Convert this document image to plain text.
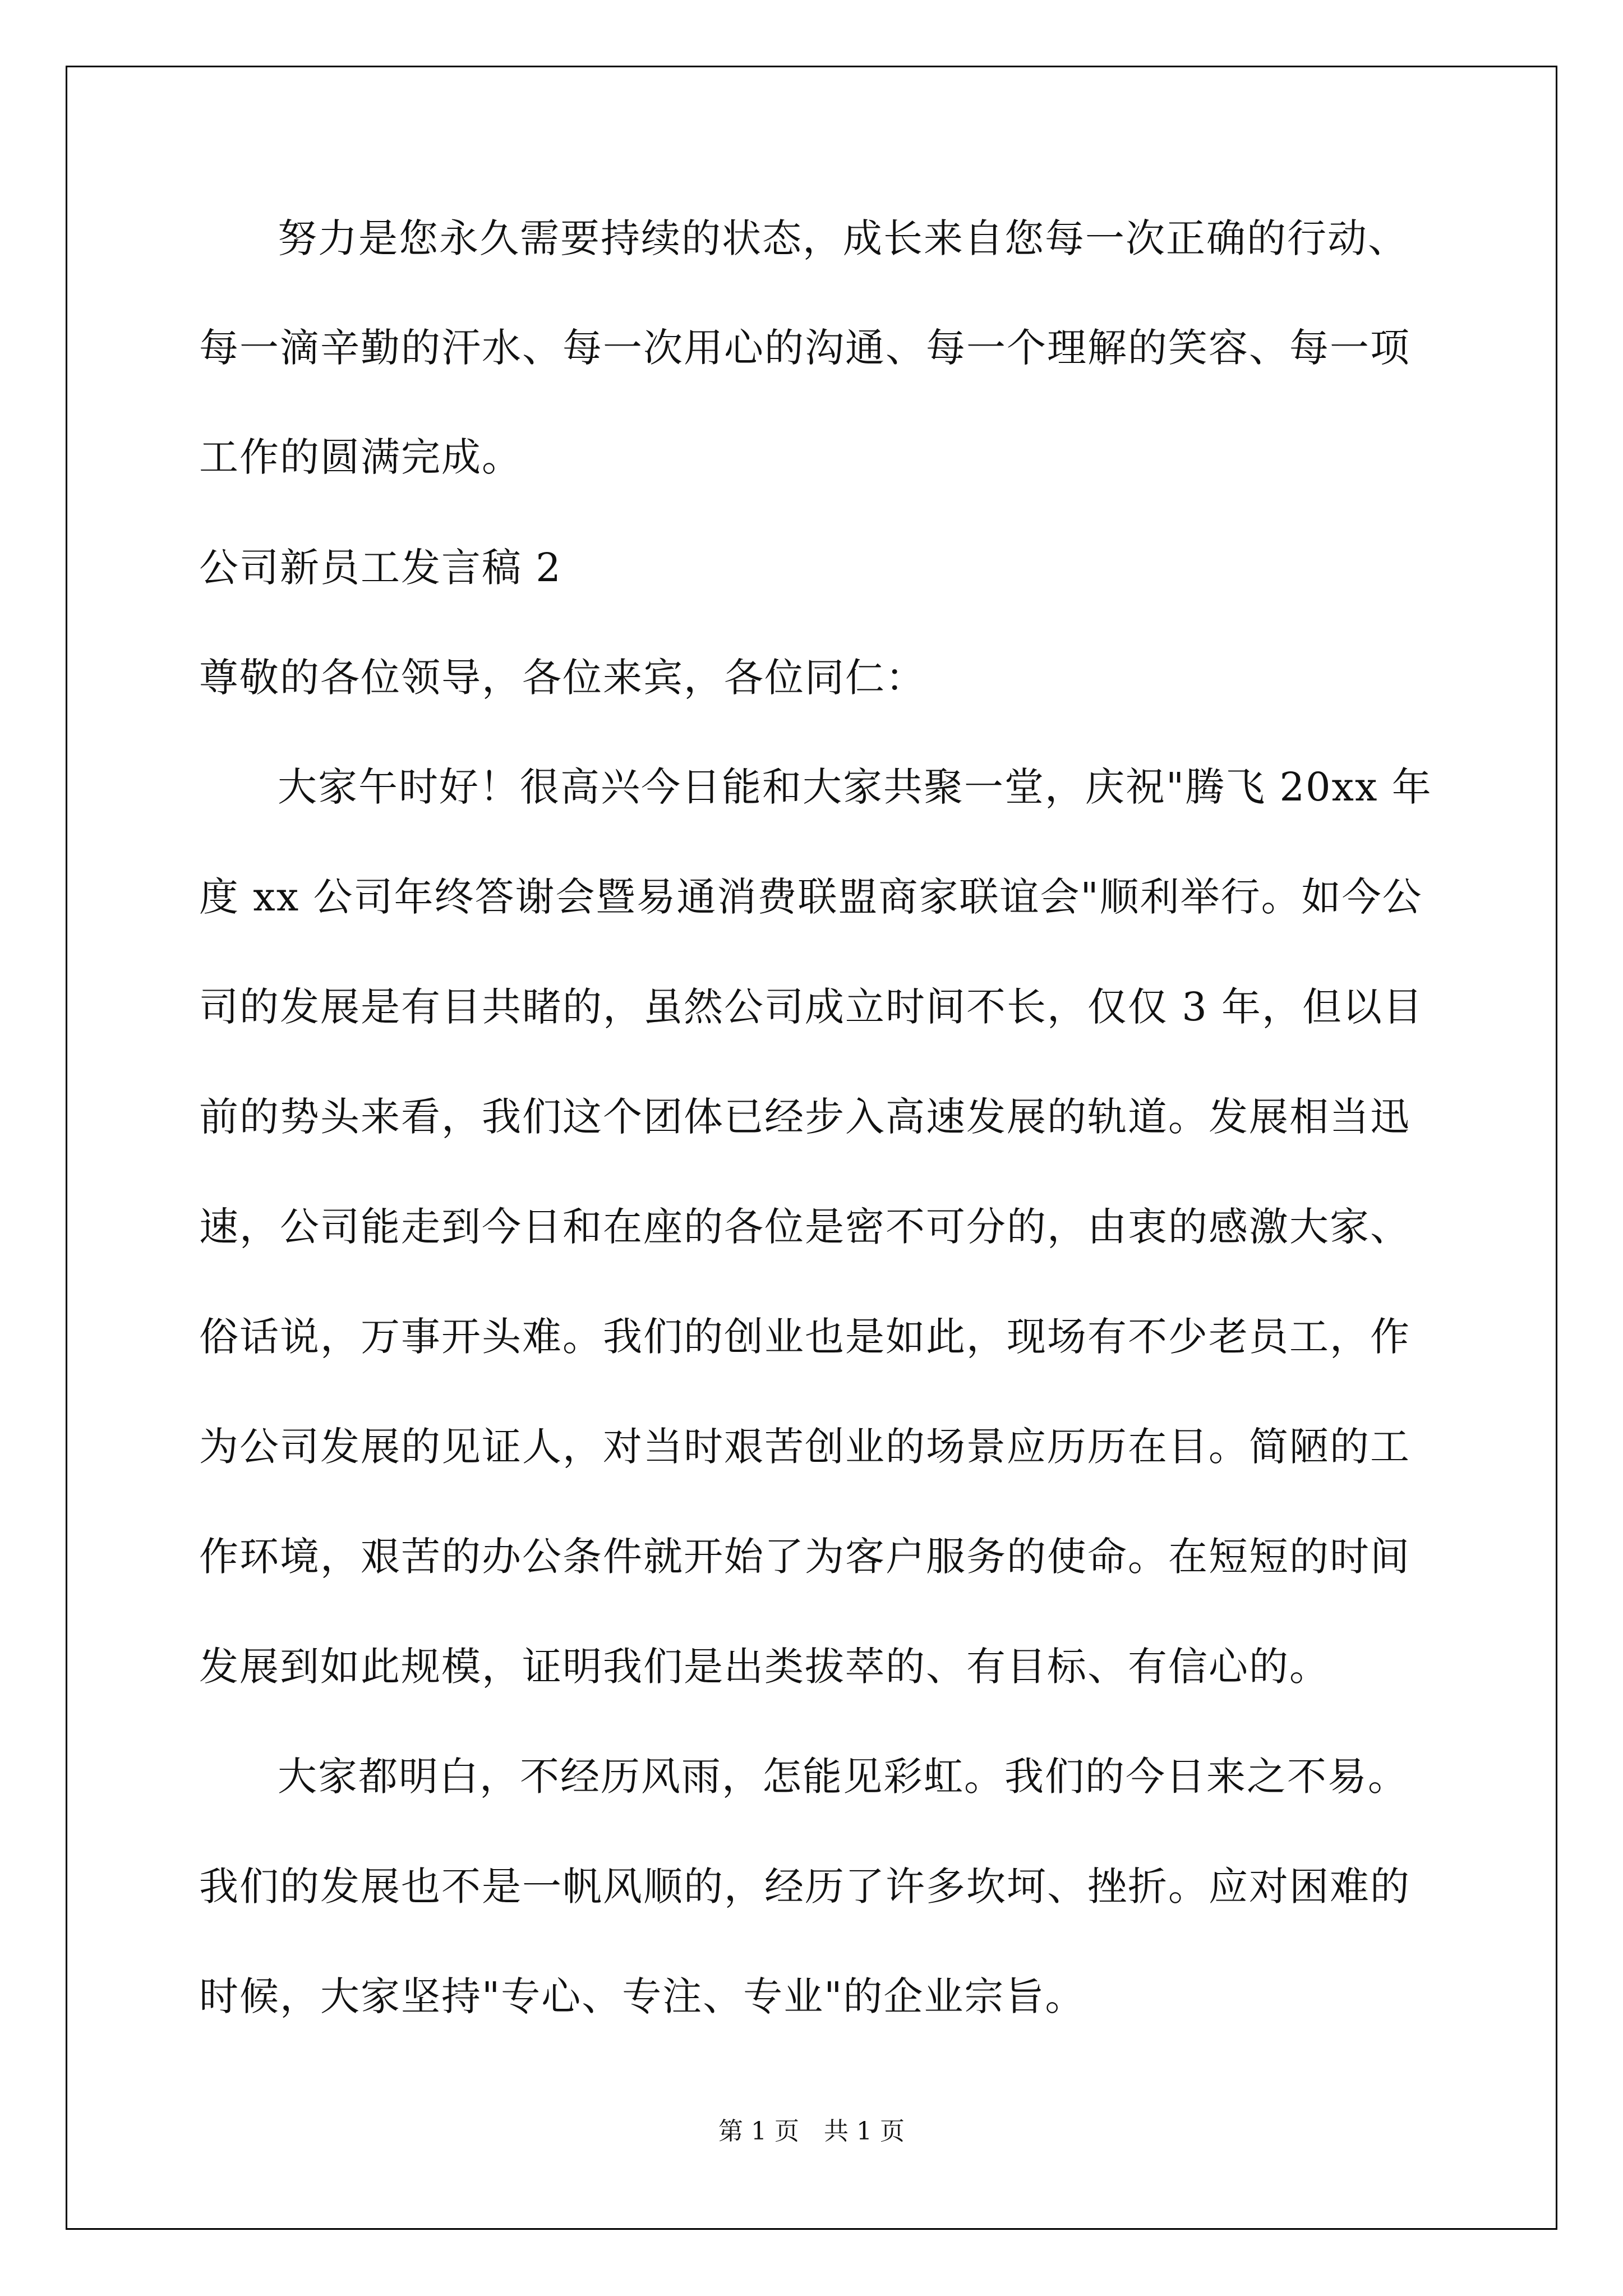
努力是您永久需要持续的状态，成长来自您每一次正确的行动、
每一滴辛勤的汗水、每一次用心的沟通、每一个理解的笑容、每一项
工作的圆满完成。
公司新员工发言稿 2
尊敬的各位领导，各位来宾，各位同仁：
大家午时好！很高兴今日能和大家共聚一堂，庆祝"腾飞 20xx 年
度 xx 公司年终答谢会暨易通消费联盟商家联谊会"顺利举行。如今公
司的发展是有目共睹的，虽然公司成立时间不长，仅仅 3 年，但以目
前的势头来看，我们这个团体已经步入高速发展的轨道。发展相当迅
速，公司能走到今日和在座的各位是密不可分的，由衷的感激大家、
俗话说，万事开头难。我们的创业也是如此，现场有不少老员工，作
为公司发展的见证人，对当时艰苦创业的场景应历历在目。简陋的工
作环境，艰苦的办公条件就开始了为客户服务的使命。在短短的时间
发展到如此规模，证明我们是出类拔萃的、有目标、有信心的。
大家都明白，不经历风雨，怎能见彩虹。我们的今日来之不易。
我们的发展也不是一帆风顺的，经历了许多坎坷、挫折。应对困难的
时候，大家坚持"专心、专注、专业"的企业宗旨。
第 1 页　共 1 页
